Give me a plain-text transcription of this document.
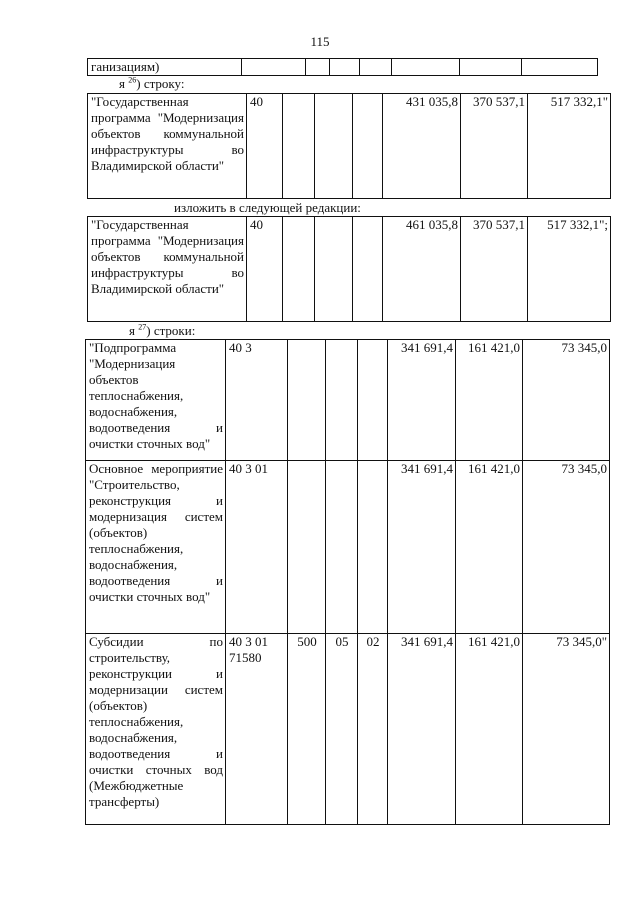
115
ганизациям)							
я $^{26}$) строку:
"Государственная программа "Модернизация объектов коммунальной инфраструктуры во Владимирской области"	40				431 035,8	370 537,1	517 332,1"
изложить в следующей редакции:
"Государственная программа "Модернизация объектов коммунальной инфраструктуры во Владимирской области"	40				461 035,8	370 537,1	517 332,1";
я $^{27}$) строки:
"Подпрограмма "Модернизация объектов теплоснабжения, водоснабжения, водоотведения и очистки сточных вод"	40 3				341 691,4	161 421,0	73 345,0
Основное мероприятие "Строительство, реконструкция и модернизация систем (объектов) теплоснабжения, водоснабжения, водоотведения и очистки сточных вод"	40 3 01				341 691,4	161 421,0	73 345,0
Субсидии по строительству, реконструкции и модернизации систем (объектов) теплоснабжения, водоснабжения, водоотведения и очистки сточных вод (Межбюджетные трансферты)	40 3 01 71580	500	05	02	341 691,4	161 421,0	73 345,0"
